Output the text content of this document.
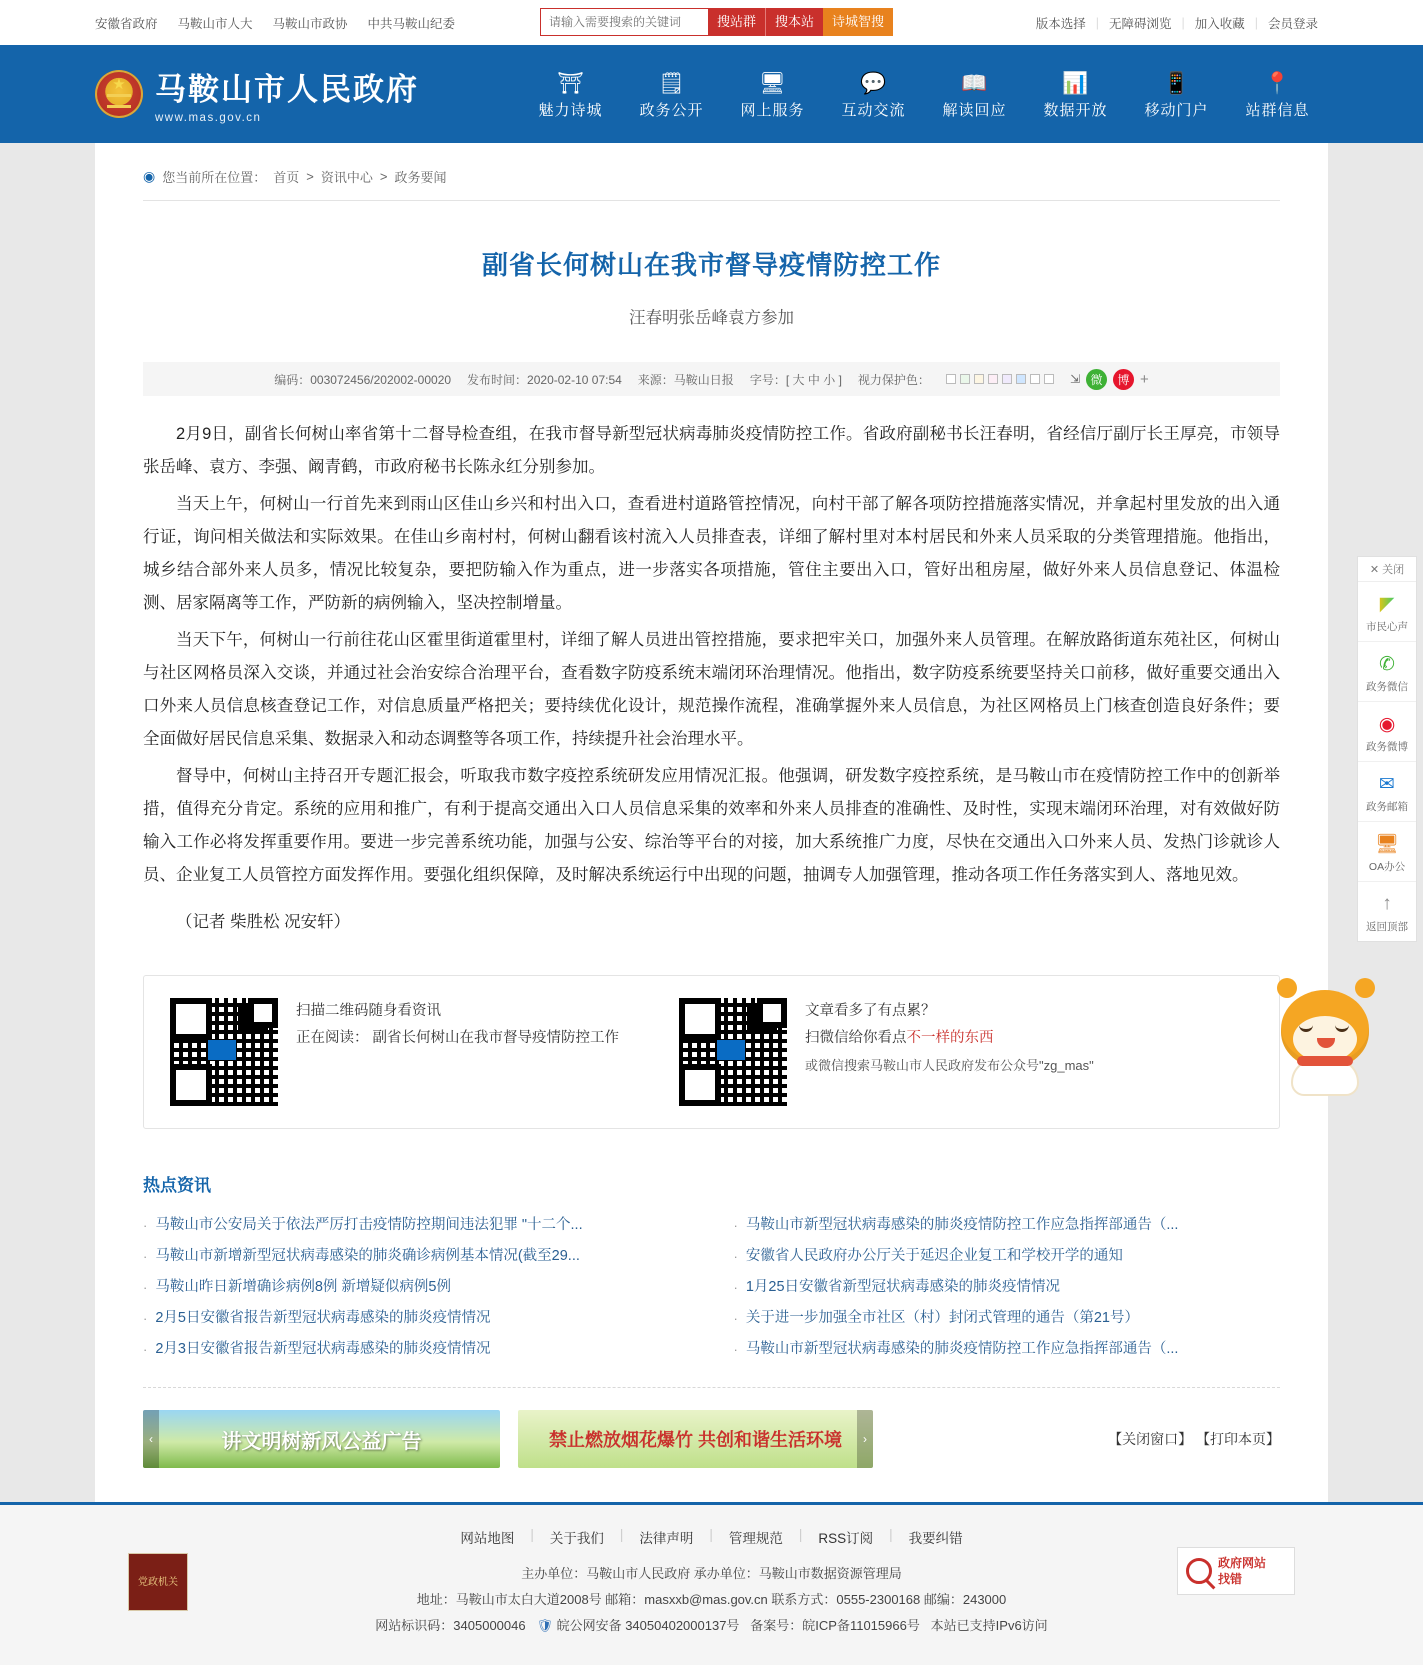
安徽省政府	马鞍山市人大	马鞍山市政协	中共马鞍山纪委
请输入需要搜索的关键词	搜站群	搜本站	诗城智搜	版本选择 | 无障碍浏览 | 加入收藏 | 会员登录
★
马鞍山市人民政府 www.mas.gov.cn
⛩
魅力诗城
🗒
政务公开
🖥
网上服务
💬
互动交流
📖
解读回应
📊
数据开放
📱
移动门户
📍
站群信息
◉ 您当前所在位置： 首页 > 资讯中心 > 政务要闻
副省长何树山在我市督导疫情防控工作
汪春明张岳峰袁方参加
编码：003072456/202002-00020 发布时间：2020-02-10 07:54 来源：马鞍山日报 字号：[ 大 中 小 ] 视力保护色：	⇲ 微	博 +

2月9日，副省长何树山率省第十二督导检查组，在我市督导新型冠状病毒肺炎疫情防控工作。省政府副秘书长汪春明，省经信厅副厅长王厚亮，市领导张岳峰、袁方、李强、阚青鹤，市政府秘书长陈永红分别参加。

当天上午，何树山一行首先来到雨山区佳山乡兴和村出入口，查看进村道路管控情况，向村干部了解各项防控措施落实情况，并拿起村里发放的出入通行证，询问相关做法和实际效果。在佳山乡南村村，何树山翻看该村流入人员排查表，详细了解村里对本村居民和外来人员采取的分类管理措施。他指出，城乡结合部外来人员多，情况比较复杂，要把防输入作为重点，进一步落实各项措施，管住主要出入口，管好出租房屋，做好外来人员信息登记、体温检测、居家隔离等工作，严防新的病例输入，坚决控制增量。

当天下午，何树山一行前往花山区霍里街道霍里村，详细了解人员进出管控措施，要求把牢关口，加强外来人员管理。在解放路街道东苑社区，何树山与社区网格员深入交谈，并通过社会治安综合治理平台，查看数字防疫系统末端闭环治理情况。他指出，数字防疫系统要坚持关口前移，做好重要交通出入口外来人员信息核查登记工作，对信息质量严格把关；要持续优化设计，规范操作流程，准确掌握外来人员信息，为社区网格员上门核查创造良好条件；要全面做好居民信息采集、数据录入和动态调整等各项工作，持续提升社会治理水平。

督导中，何树山主持召开专题汇报会，听取我市数字疫控系统研发应用情况汇报。他强调，研发数字疫控系统，是马鞍山市在疫情防控工作中的创新举措，值得充分肯定。系统的应用和推广，有利于提高交通出入口人员信息采集的效率和外来人员排查的准确性、及时性，实现末端闭环治理，对有效做好防输入工作必将发挥重要作用。要进一步完善系统功能，加强与公安、综治等平台的对接，加大系统推广力度，尽快在交通出入口外来人员、发热门诊就诊人员、企业复工人员管控方面发挥作用。要强化组织保障，及时解决系统运行中出现的问题，抽调专人加强管理，推动各项工作任务落实到人、落地见效。

（记者 柴胜松 况安轩）
扫描二维码随身看资讯
正在阅读： 副省长何树山在我市督导疫情防控工作
文章看多了有点累？
扫微信给你看点不一样的东西
或微信搜索马鞍山市人民政府发布公众号"zg_mas"
热点资讯
· 马鞍山市公安局关于依法严厉打击疫情防控期间违法犯罪 "十二个...	· 马鞍山市新型冠状病毒感染的肺炎疫情防控工作应急指挥部通告（...
· 马鞍山市新增新型冠状病毒感染的肺炎确诊病例基本情况(截至29...	· 安徽省人民政府办公厅关于延迟企业复工和学校开学的通知
· 马鞍山昨日新增确诊病例8例 新增疑似病例5例	· 1月25日安徽省新型冠状病毒感染的肺炎疫情情况
· 2月5日安徽省报告新型冠状病毒感染的肺炎疫情情况	· 关于进一步加强全市社区（村）封闭式管理的通告（第21号）
· 2月3日安徽省报告新型冠状病毒感染的肺炎疫情情况	· 马鞍山市新型冠状病毒感染的肺炎疫情防控工作应急指挥部通告（...
‹	讲文明树新风公益广告	禁止燃放烟花爆竹 共创和谐生活环境	›	【关闭窗口】 【打印本页】
✕ 关闭
◤
市民心声
✆
政务微信
◉
政务微博
✉
政务邮箱
🖥
OA办公
↑
返回顶部
网站地图	|	关于我们	|	法律声明	|	管理规范	|	RSS订阅	|	我要纠错
主办单位：马鞍山市人民政府 承办单位：马鞍山市数据资源管理局
地址：马鞍山市太白大道2008号 邮箱：masxxb@mas.gov.cn 联系方式：0555-2300168 邮编：243000
网站标识码：3405000046 🛡 皖公网安备 34050402000137号 备案号：皖ICP备11015966号 本站已支持IPv6访问
党政机关
政府网站
找错
